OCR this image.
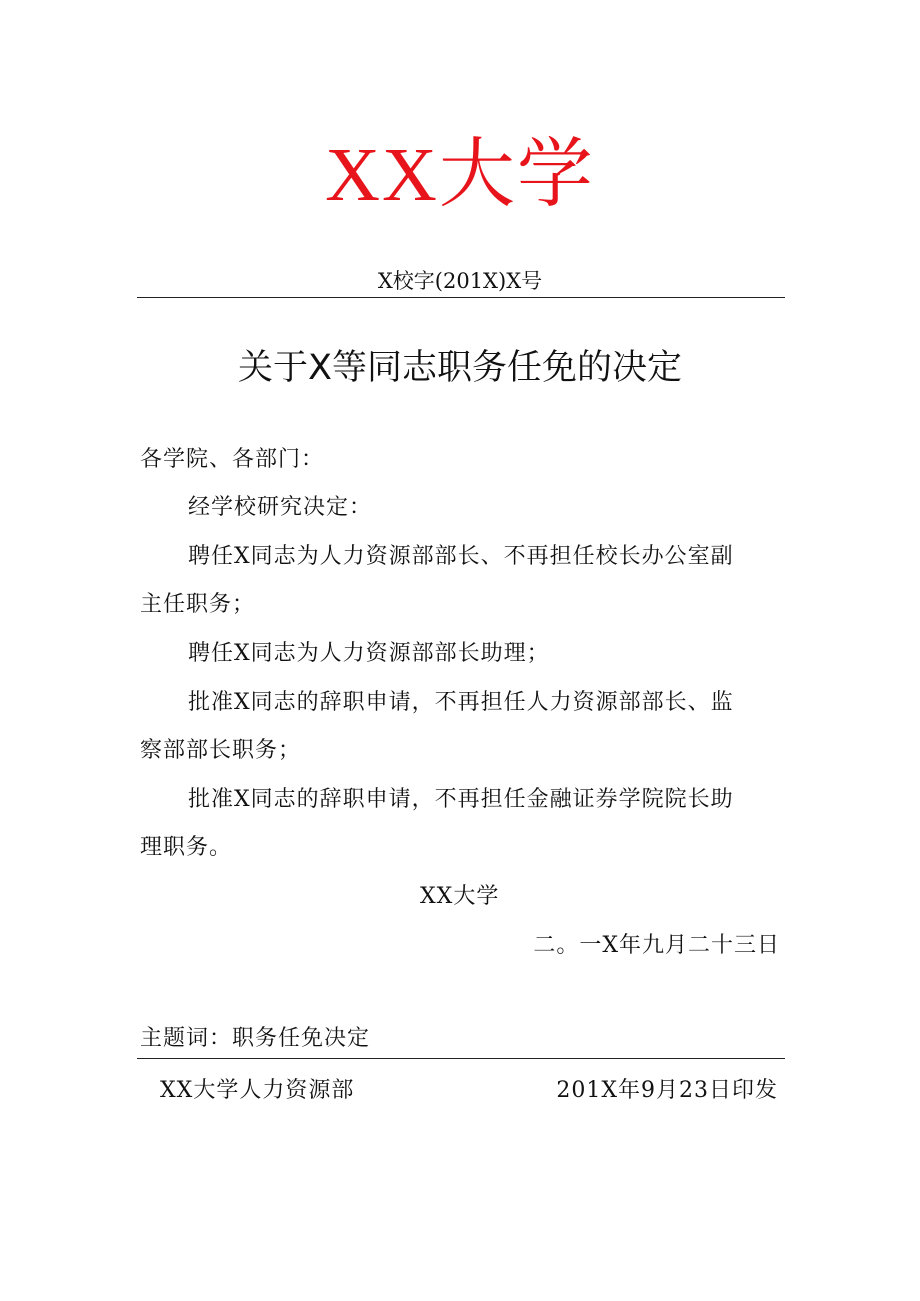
XX大学
X校字(201X)X号
关于X等同志职务任免的决定
各学院、各部门：
经学校研究决定：
聘任X同志为人力资源部部长、不再担任校长办公室副
主任职务；
聘任X同志为人力资源部部长助理；
批准X同志的辞职申请，不再担任人力资源部部长、监
察部部长职务；
批准X同志的辞职申请，不再担任金融证券学院院长助
理职务。
XX大学
二。一X年九月二十三日
主题词：职务任免决定
XX大学人力资源部	201X年9月23日印发
